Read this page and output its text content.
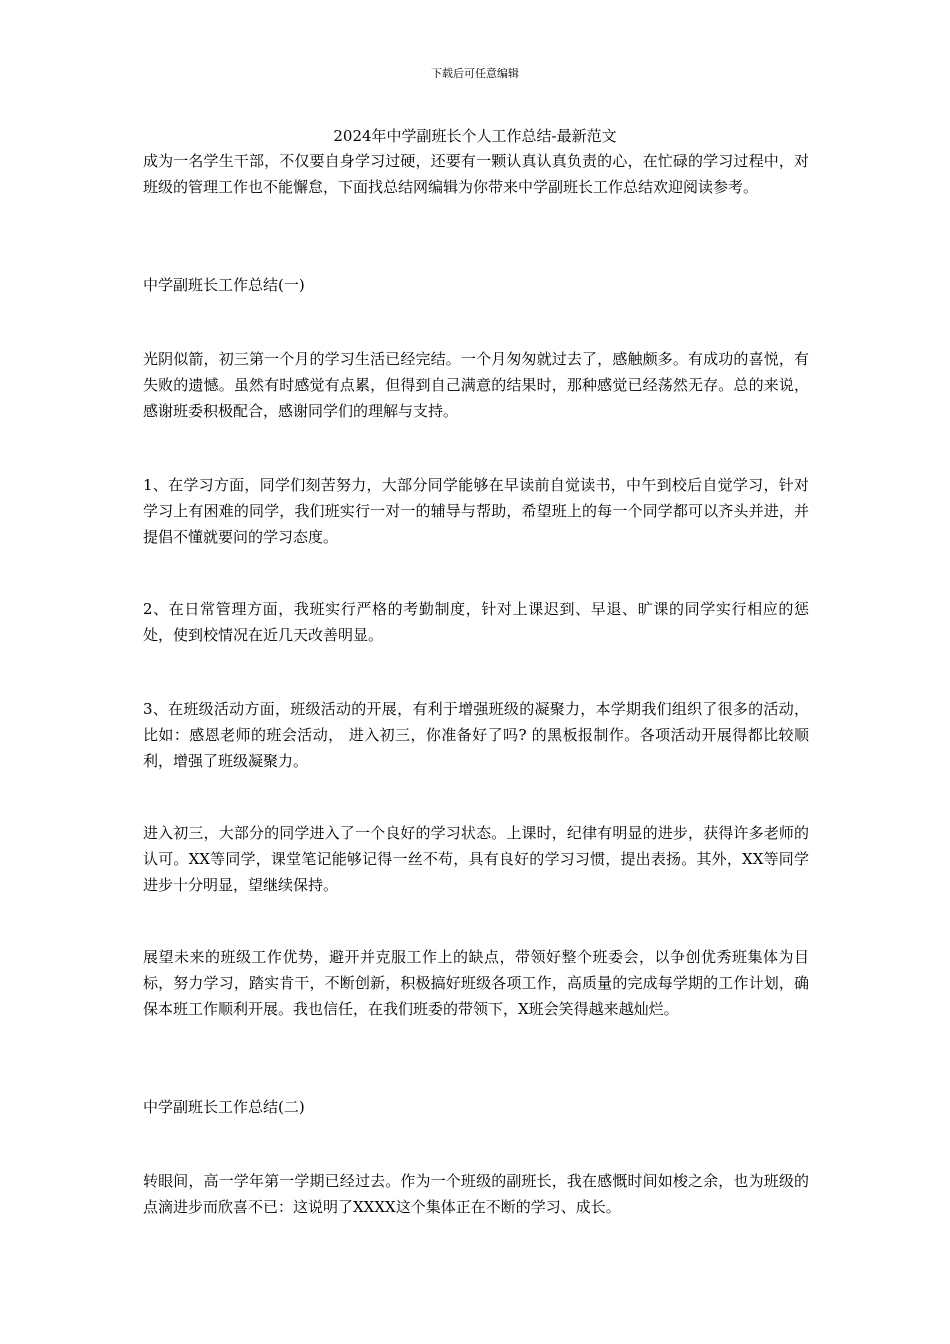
下载后可任意编辑
2024年中学副班长个人工作总结-最新范文

成为一名学生干部，不仅要自身学习过硬，还要有一颗认真认真负责的心，在忙碌的学习过程中，对班级的管理工作也不能懈怠，下面找总结网编辑为你带来中学副班长工作总结欢迎阅读参考。

中学副班长工作总结(一)

光阴似箭，初三第一个月的学习生活已经完结。一个月匆匆就过去了，感触颇多。有成功的喜悦，有失败的遗憾。虽然有时感觉有点累，但得到自己满意的结果时，那种感觉已经荡然无存。总的来说，感谢班委积极配合，感谢同学们的理解与支持。

1、在学习方面，同学们刻苦努力，大部分同学能够在早读前自觉读书，中午到校后自觉学习，针对学习上有困难的同学，我们班实行一对一的辅导与帮助，希望班上的每一个同学都可以齐头并进，并提倡不懂就要问的学习态度。

2、在日常管理方面，我班实行严格的考勤制度，针对上课迟到、早退、旷课的同学实行相应的惩处，使到校情况在近几天改善明显。

3、在班级活动方面，班级活动的开展，有利于增强班级的凝聚力，本学期我们组织了很多的活动，比如：感恩老师的班会活动， 进入初三，你准备好了吗? 的黑板报制作。各项活动开展得都比较顺利，增强了班级凝聚力。

进入初三，大部分的同学进入了一个良好的学习状态。上课时，纪律有明显的进步，获得许多老师的认可。XX等同学，课堂笔记能够记得一丝不苟，具有良好的学习习惯，提出表扬。其外，XX等同学进步十分明显，望继续保持。

展望未来的班级工作优势，避开并克服工作上的缺点，带领好整个班委会，以争创优秀班集体为目标，努力学习，踏实肯干，不断创新，积极搞好班级各项工作，高质量的完成每学期的工作计划，确保本班工作顺利开展。我也信任，在我们班委的带领下，X班会笑得越来越灿烂。

中学副班长工作总结(二)

转眼间，高一学年第一学期已经过去。作为一个班级的副班长，我在感慨时间如梭之余，也为班级的点滴进步而欣喜不已：这说明了XXXX这个集体正在不断的学习、成长。
